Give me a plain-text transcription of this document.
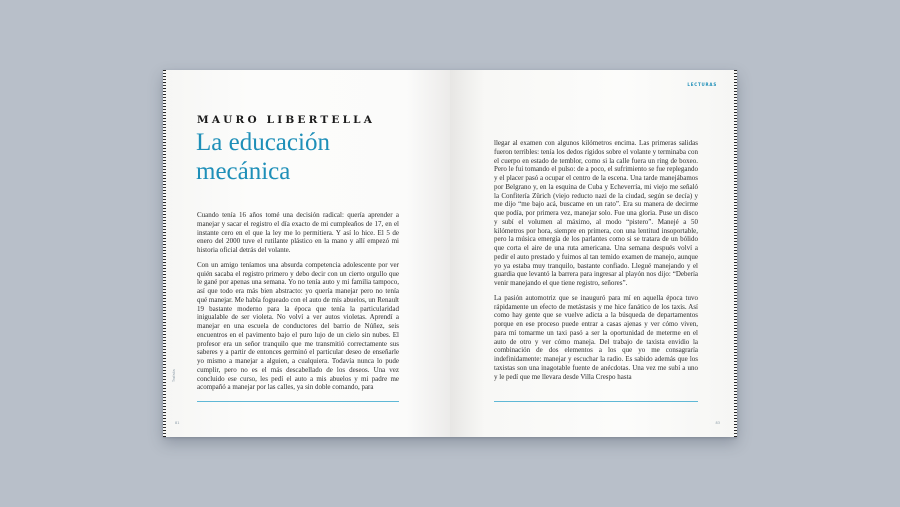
MAURO LIBERTELLA
La educación mecánica

Cuando tenía 16 años tomé una decisión radical: quería aprender a manejar y sacar el registro el día exacto de mi cumpleaños de 17, en el instante cero en el que la ley me lo permitiera. Y así lo hice. El 5 de enero del 2000 tuve el rutilante plástico en la mano y allí empezó mi historia oficial detrás del volante.

Con un amigo teníamos una absurda competencia adolescente por ver quién sacaba el registro primero y debo decir con un cierto orgullo que le gané por apenas una semana. Yo no tenía auto y mi familia tampoco, así que todo era más bien abstracto: yo quería manejar pero no tenía qué manejar. Me había fogueado con el auto de mis abuelos, un Renault 19 bastante moderno para la época que tenía la particularidad inigualable de ser violeta. No volví a ver autos violetas. Aprendí a manejar en una escuela de conductores del barrio de Núñez, seis encuentros en el pavimento bajo el puro lujo de un cielo sin nubes. El profesor era un señor tranquilo que me transmitió correctamente sus saberes y a partir de entonces germinó el particular deseo de enseñarle yo mismo a manejar a alguien, a cualquiera. Todavía nunca lo pude cumplir, pero no es el más descabellado de los deseos. Una vez concluido ese curso, les pedí el auto a mis abuelos y mi padre me acompañó a manejar por las calles, ya sin doble comando, para

Trafalia
81
LECTURAS

llegar al examen con algunos kilómetros encima. Las primeras salidas fueron terribles: tenía los dedos rígidos sobre el volante y terminaba con el cuerpo en estado de temblor, como si la calle fuera un ring de boxeo. Pero le fui tomando el pulso: de a poco, el sufrimiento se fue replegando y el placer pasó a ocupar el centro de la escena. Una tarde manejábamos por Belgrano y, en la esquina de Cuba y Echeverría, mi viejo me señaló la Confitería Zürich (viejo reducto nazi de la ciudad, según se decía) y me dijo “me bajo acá, buscame en un rato”. Era su manera de decirme que podía, por primera vez, manejar solo. Fue una gloria. Puse un disco y subí el volumen al máximo, al modo “pistero”. Manejé a 50 kilómetros por hora, siempre en primera, con una lentitud insoportable, pero la música emergía de los parlantes como si se tratara de un bólido que corta el aire de una ruta americana. Una semana después volví a pedir el auto prestado y fuimos al tan temido examen de manejo, aunque yo ya estaba muy tranquilo, bastante confiado. Llegué manejando y el guardia que levantó la barrera para ingresar al playón nos dijo: “Debería venir manejando el que tiene registro, señores”.

La pasión automotriz que se inauguró para mí en aquella época tuvo rápidamente un efecto de metástasis y me hice fanático de los taxis. Así como hay gente que se vuelve adicta a la búsqueda de departamentos porque en ese proceso puede entrar a casas ajenas y ver cómo viven, para mí tomarme un taxi pasó a ser la oportunidad de meterme en el auto de otro y ver cómo maneja. Del trabajo de taxista envidio la combinación de dos elementos a los que yo me consagraría indefinidamente: manejar y escuchar la radio. Es sabido además que los taxistas son una inagotable fuente de anécdotas. Una vez me subí a uno y le pedí que me llevara desde Villa Crespo hasta

83
